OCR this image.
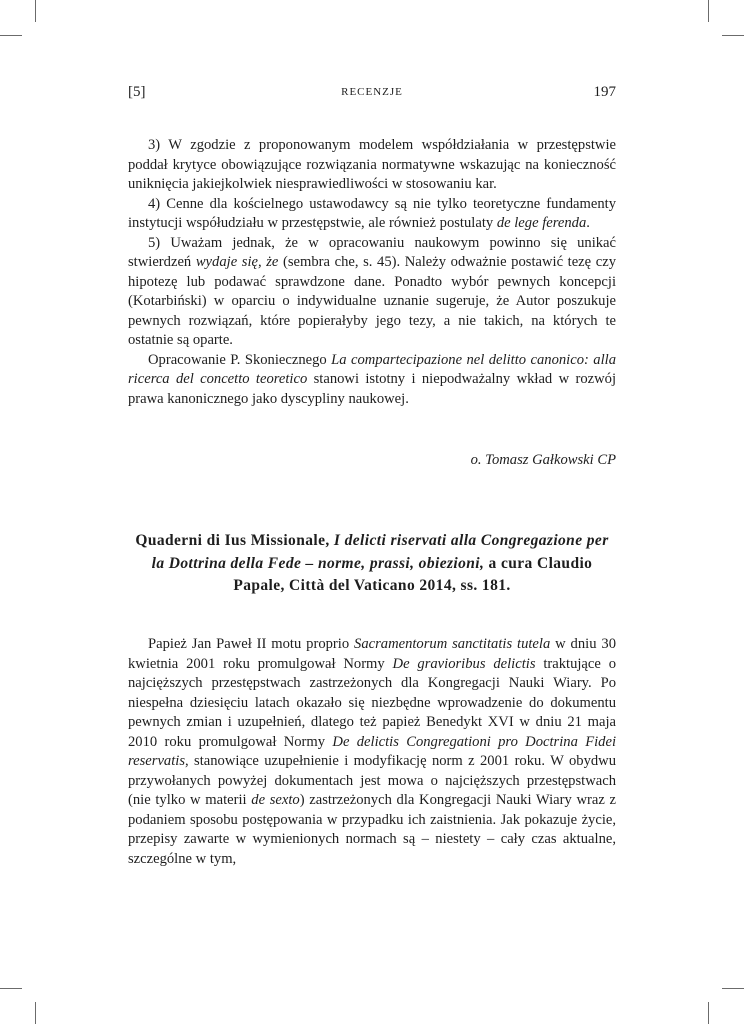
[5]	RECENZJE	197

3) W zgodzie z proponowanym modelem współdziałania w przestępstwie poddał krytyce obowiązujące rozwiązania normatywne wskazując na konieczność uniknięcia jakiejkolwiek niesprawiedliwości w stosowaniu kar.

4) Cenne dla kościelnego ustawodawcy są nie tylko teoretyczne fundamenty instytucji współudziału w przestępstwie, ale również postulaty de lege ferenda.

5) Uważam jednak, że w opracowaniu naukowym powinno się unikać stwierdzeń wydaje się, że (sembra che, s. 45). Należy odważnie postawić tezę czy hipotezę lub podawać sprawdzone dane. Ponadto wybór pewnych koncepcji (Kotarbiński) w oparciu o indywidualne uznanie sugeruje, że Autor poszukuje pewnych rozwiązań, które popierałyby jego tezy, a nie takich, na których te ostatnie są oparte.

Opracowanie P. Skoniecznego La compartecipazione nel delitto canonico: alla ricerca del concetto teoretico stanowi istotny i niepodważalny wkład w rozwój prawa kanonicznego jako dyscypliny naukowej.

o. Tomasz Gałkowski CP
Quaderni di Ius Missionale, I delicti riservati alla Congregazione per la Dottrina della Fede – norme, prassi, obiezioni, a cura Claudio Papale, Città del Vaticano 2014, ss. 181.

Papież Jan Paweł II motu proprio Sacramentorum sanctitatis tutela w dniu 30 kwietnia 2001 roku promulgował Normy De gravioribus delictis traktujące o najcięższych przestępstwach zastrzeżonych dla Kongregacji Nauki Wiary. Po niespełna dziesięciu latach okazało się niezbędne wprowadzenie do dokumentu pewnych zmian i uzupełnień, dlatego też papież Benedykt XVI w dniu 21 maja 2010 roku promulgował Normy De delictis Congregationi pro Doctrina Fidei reservatis, stanowiące uzupełnienie i modyfikację norm z 2001 roku. W obydwu przywołanych powyżej dokumentach jest mowa o najcięższych przestępstwach (nie tylko w materii de sexto) zastrzeżonych dla Kongregacji Nauki Wiary wraz z podaniem sposobu postępowania w przypadku ich zaistnienia. Jak pokazuje życie, przepisy zawarte w wymienionych normach są – niestety – cały czas aktualne, szczególne w tym,
